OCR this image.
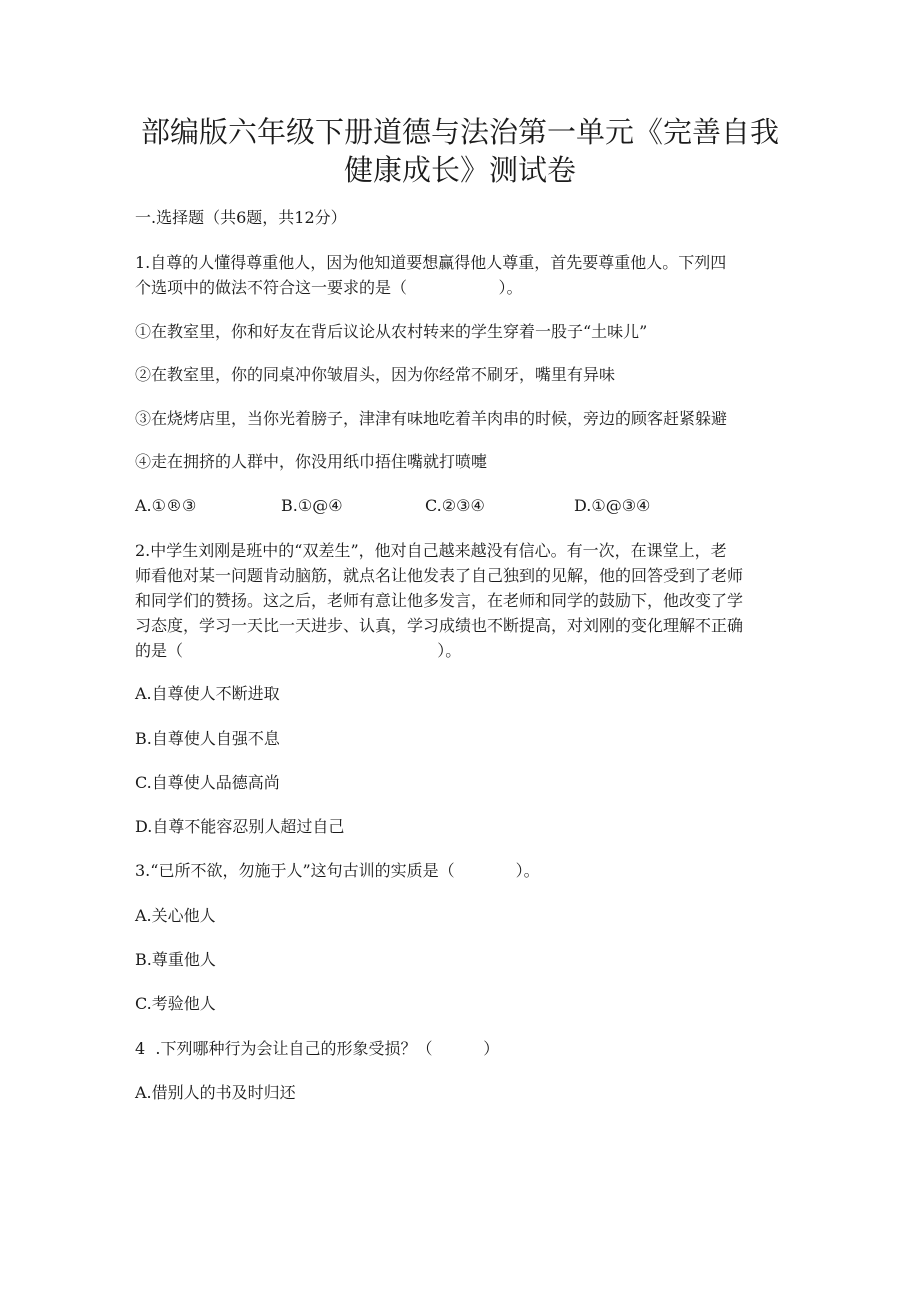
部编版六年级下册道德与法治第一单元《完善自我
健康成长》测试卷
一.选择题（共6题，共12分）
1.自尊的人懂得尊重他人，因为他知道要想赢得他人尊重，首先要尊重他人。下列四
个选项中的做法不符合这一要求的是（                  ）。
①在教室里，你和好友在背后议论从农村转来的学生穿着一股子“土味儿”
②在教室里，你的同桌冲你皱眉头，因为你经常不刷牙，嘴里有异味
③在烧烤店里，当你光着膀子，津津有味地吃着羊肉串的时候，旁边的顾客赶紧躲避
④走在拥挤的人群中，你没用纸巾捂住嘴就打喷嚏
A.①®③	B.①@④	C.②③④	D.①@③④
2.中学生刘刚是班中的“双差生”，他对自己越来越没有信心。有一次，在课堂上，老
师看他对某一问题肯动脑筋，就点名让他发表了自己独到的见解，他的回答受到了老师
和同学们的赞扬。这之后，老师有意让他多发言，在老师和同学的鼓励下，他改变了学
习态度，学习一天比一天进步、认真，学习成绩也不断提高，对刘刚的变化理解不正确
的是（                                                  ）。
A.自尊使人不断进取
B.自尊使人自强不息
C.自尊使人品德高尚
D.自尊不能容忍别人超过自己
3.“已所不欲，勿施于人”这句古训的实质是（            ）。
A.关心他人
B.尊重他人
C.考验他人
4  .下列哪种行为会让自己的形象受损？（          ）
A.借别人的书及时归还
